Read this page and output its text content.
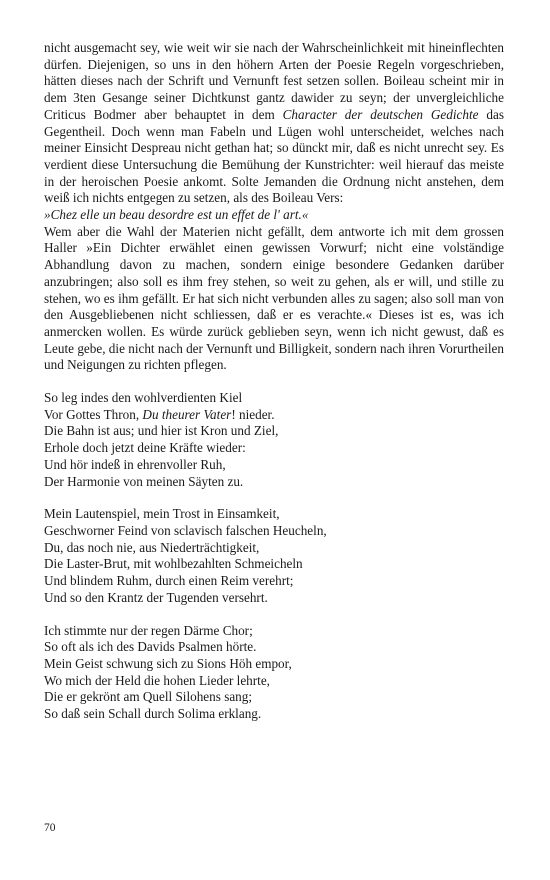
nicht ausgemacht sey, wie weit wir sie nach der Wahrscheinlichkeit mit hineinflechten dürfen. Diejenigen, so uns in den höhern Arten der Poesie Regeln vorgeschrieben, hätten dieses nach der Schrift und Vernunft fest setzen sollen. Boileau scheint mir in dem 3ten Gesange seiner Dichtkunst gantz dawider zu seyn; der unvergleichliche Criticus Bodmer aber behauptet in dem Character der deutschen Gedichte das Gegentheil. Doch wenn man Fabeln und Lügen wohl unterscheidet, welches nach meiner Einsicht Despreau nicht gethan hat; so dünckt mir, daß es nicht unrecht sey. Es verdient diese Untersuchung die Bemühung der Kunstrichter: weil hierauf das meiste in der heroischen Poesie ankomt. Solte Jemanden die Ordnung nicht anstehen, dem weiß ich nichts entgegen zu setzen, als des Boileau Vers:

»Chez elle un beau desordre est un effet de l' art.«

Wem aber die Wahl der Materien nicht gefällt, dem antworte ich mit dem grossen Haller »Ein Dichter erwählet einen gewissen Vorwurf; nicht eine volständige Abhandlung davon zu machen, sondern einige besondere Gedanken darüber anzubringen; also soll es ihm frey stehen, so weit zu gehen, als er will, und stille zu stehen, wo es ihm gefällt. Er hat sich nicht verbunden alles zu sagen; also soll man von den Ausgebliebenen nicht schliessen, daß er es verachte.« Dieses ist es, was ich anmercken wollen. Es würde zurück geblieben seyn, wenn ich nicht gewust, daß es Leute gebe, die nicht nach der Vernunft und Billigkeit, sondern nach ihren Vorurtheilen und Neigungen zu richten pflegen.

So leg indes den wohlverdienten Kiel
Vor Gottes Thron, Du theurer Vater! nieder.
Die Bahn ist aus; und hier ist Kron und Ziel,
Erhole doch jetzt deine Kräfte wieder:
Und hör indeß in ehrenvoller Ruh,
Der Harmonie von meinen Säyten zu.
Mein Lautenspiel, mein Trost in Einsamkeit,
Geschworner Feind von sclavisch falschen Heucheln,
Du, das noch nie, aus Niederträchtigkeit,
Die Laster-Brut, mit wohlbezahlten Schmeicheln
Und blindem Ruhm, durch einen Reim verehrt;
Und so den Krantz der Tugenden versehrt.
Ich stimmte nur der regen Därme Chor;
So oft als ich des Davids Psalmen hörte.
Mein Geist schwung sich zu Sions Höh empor,
Wo mich der Held die hohen Lieder lehrte,
Die er gekrönt am Quell Silohens sang;
So daß sein Schall durch Solima erklang.
70
